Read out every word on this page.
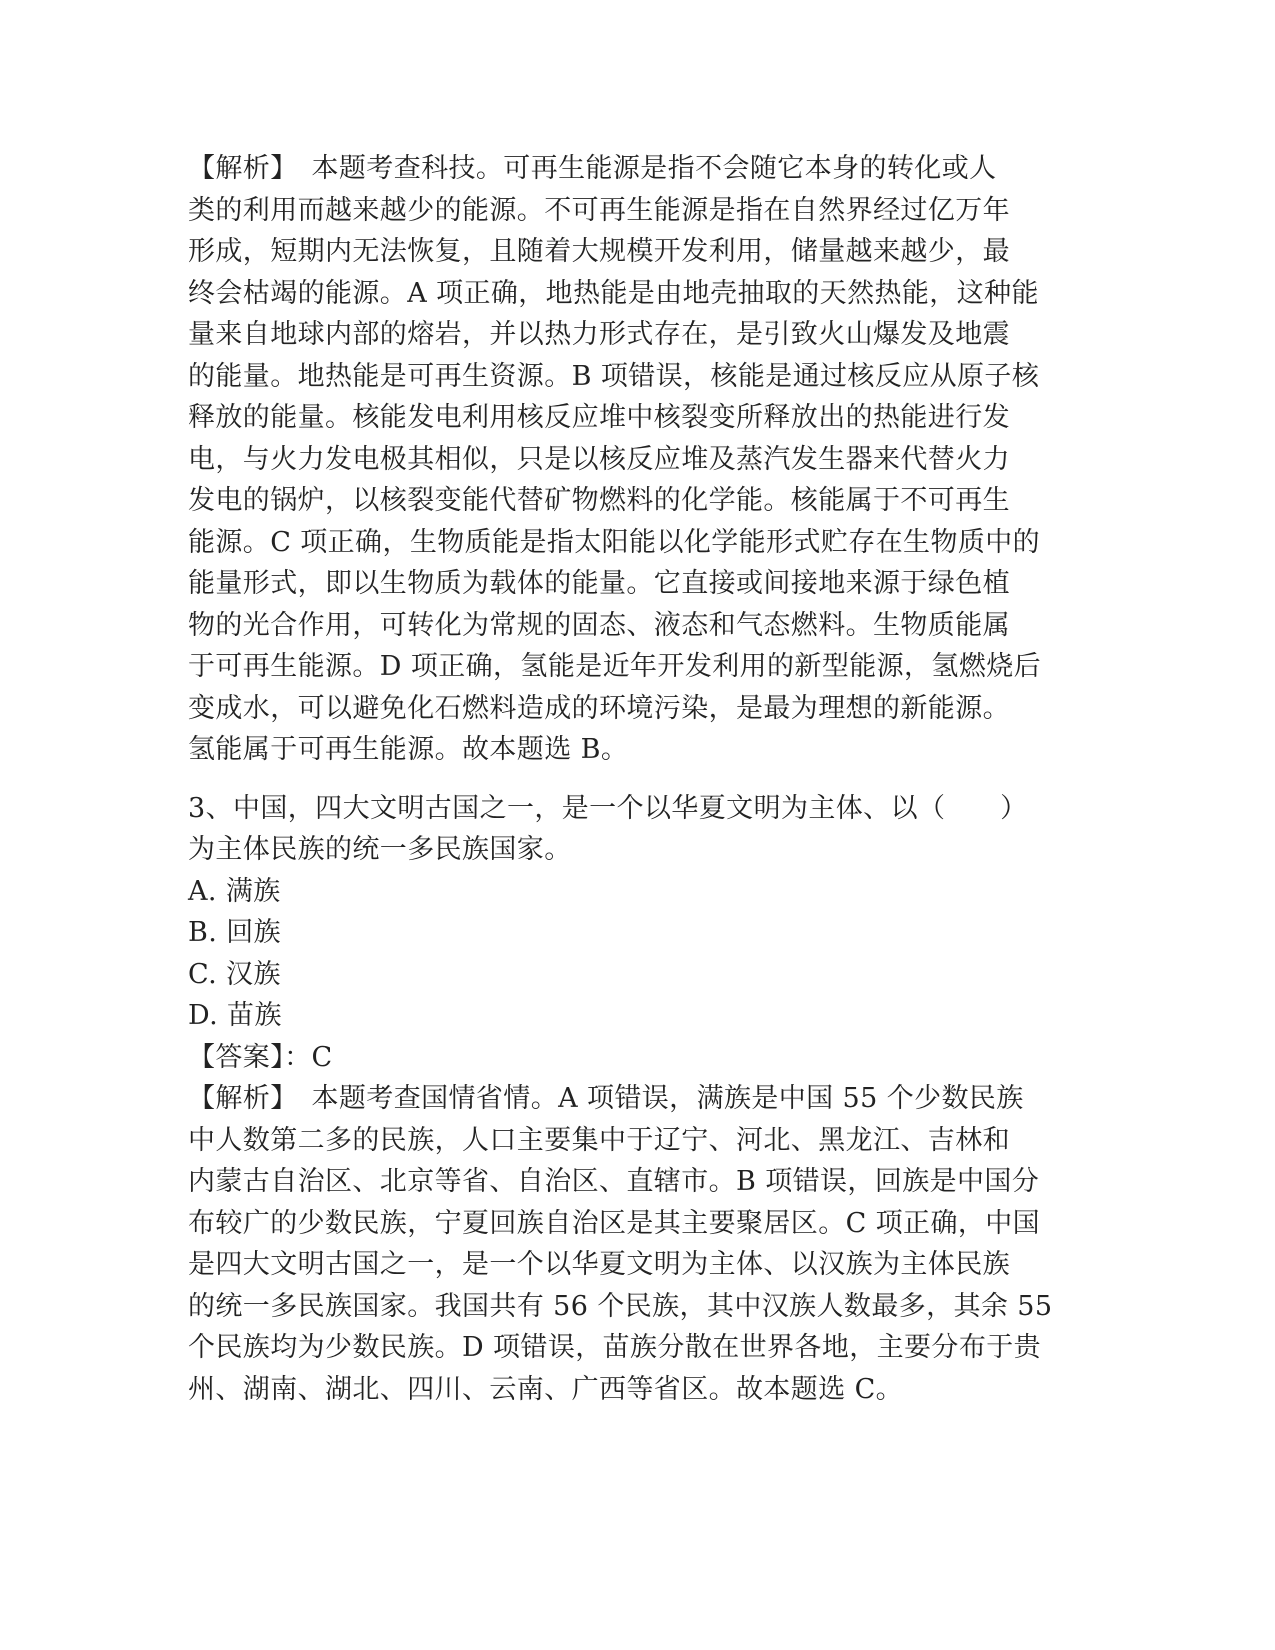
【解析】　本题考查科技。可再生能源是指不会随它本身的转化或人

类的利用而越来越少的能源。不可再生能源是指在自然界经过亿万年

形成，短期内无法恢复，且随着大规模开发利用，储量越来越少，最

终会枯竭的能源。A 项正确，地热能是由地壳抽取的天然热能，这种能

量来自地球内部的熔岩，并以热力形式存在，是引致火山爆发及地震

的能量。地热能是可再生资源。B 项错误，核能是通过核反应从原子核

释放的能量。核能发电利用核反应堆中核裂变所释放出的热能进行发

电，与火力发电极其相似，只是以核反应堆及蒸汽发生器来代替火力

发电的锅炉，以核裂变能代替矿物燃料的化学能。核能属于不可再生

能源。C 项正确，生物质能是指太阳能以化学能形式贮存在生物质中的

能量形式，即以生物质为载体的能量。它直接或间接地来源于绿色植

物的光合作用，可转化为常规的固态、液态和气态燃料。生物质能属

于可再生能源。D 项正确，氢能是近年开发利用的新型能源，氢燃烧后

变成水，可以避免化石燃料造成的环境污染，是最为理想的新能源。

氢能属于可再生能源。故本题选 B。

3、中国，四大文明古国之一，是一个以华夏文明为主体、以（　　）

为主体民族的统一多民族国家。

A. 满族

B. 回族

C. 汉族

D. 苗族

【答案】：C

【解析】　本题考查国情省情。A 项错误，满族是中国 55 个少数民族

中人数第二多的民族，人口主要集中于辽宁、河北、黑龙江、吉林和

内蒙古自治区、北京等省、自治区、直辖市。B 项错误，回族是中国分

布较广的少数民族，宁夏回族自治区是其主要聚居区。C 项正确，中国

是四大文明古国之一，是一个以华夏文明为主体、以汉族为主体民族

的统一多民族国家。我国共有 56 个民族，其中汉族人数最多，其余 55

个民族均为少数民族。D 项错误，苗族分散在世界各地，主要分布于贵

州、湖南、湖北、四川、云南、广西等省区。故本题选 C。
